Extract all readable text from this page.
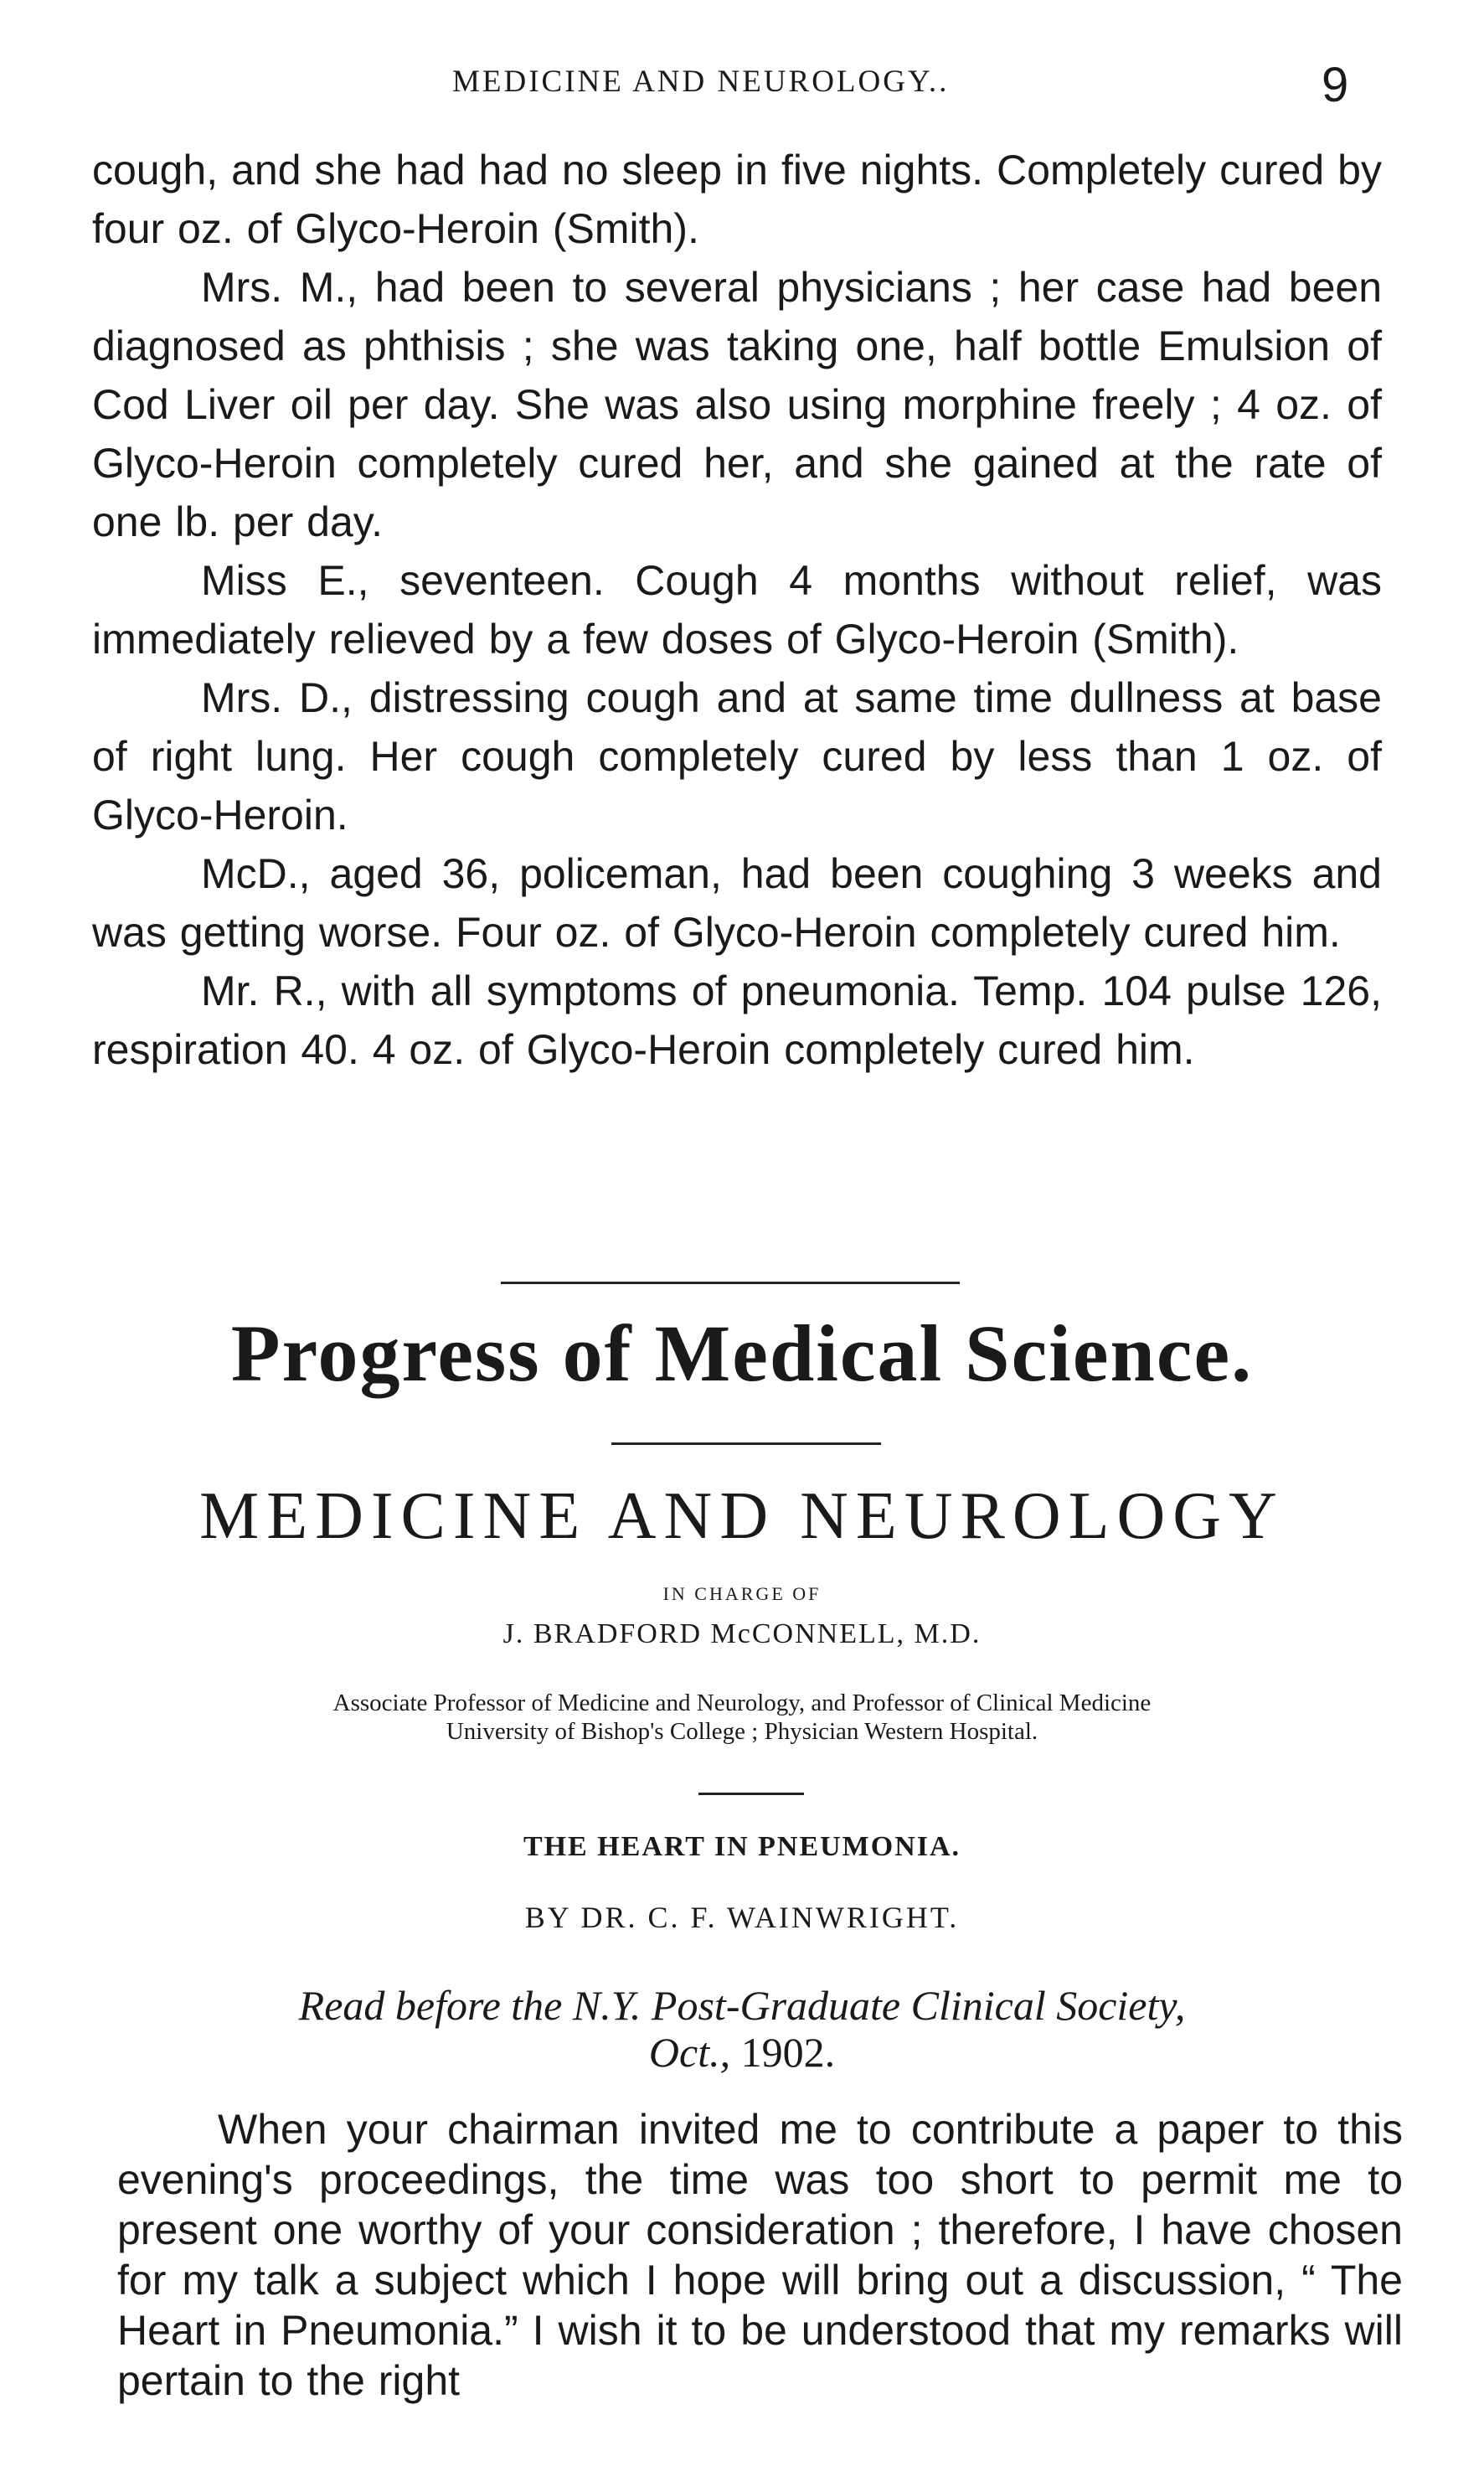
MEDICINE AND NEUROLOGY..	9

cough, and she had had no sleep in five nights. Completely cured by four oz. of Glyco-Heroin (Smith).

Mrs. M., had been to several physicians ; her case had been diagnosed as phthisis ; she was taking one, half bottle Emulsion of Cod Liver oil per day. She was also using morphine freely ; 4 oz. of Glyco-Heroin completely cured her, and she gained at the rate of one lb. per day.

Miss E., seventeen. Cough 4 months without relief, was immediately relieved by a few doses of Glyco-Heroin (Smith).

Mrs. D., distressing cough and at same time dullness at base of right lung. Her cough completely cured by less than 1 oz. of Glyco-Heroin.

McD., aged 36, policeman, had been coughing 3 weeks and was getting worse. Four oz. of Glyco-Heroin completely cured him.

Mr. R., with all symptoms of pneumonia. Temp. 104 pulse 126, respiration 40. 4 oz. of Glyco-Heroin completely cured him.

Progress of Medical Science.
MEDICINE AND NEUROLOGY
IN CHARGE OF
J. BRADFORD McCONNELL, M.D.
Associate Professor of Medicine and Neurology, and Professor of Clinical Medicine
University of Bishop's College ; Physician Western Hospital.
THE HEART IN PNEUMONIA.
BY DR. C. F. WAINWRIGHT.
Read before the N.Y. Post-Graduate Clinical Society,
Oct., 1902.

When your chairman invited me to contribute a paper to this evening's proceedings, the time was too short to permit me to present one worthy of your consideration ; therefore, I have chosen for my talk a subject which I hope will bring out a discussion, “ The Heart in Pneumonia.” I wish it to be understood that my remarks will pertain to the right
